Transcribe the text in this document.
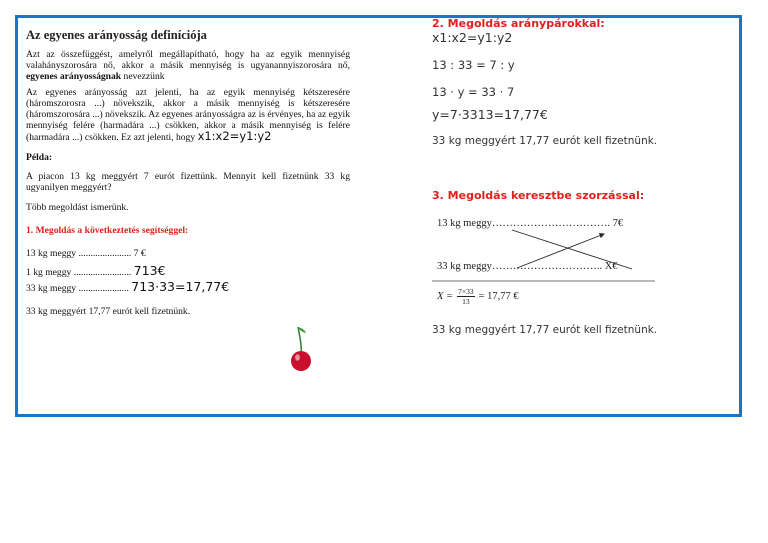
Az egyenes arányosság definíciója

Azt az összefüggést, amelyről megállapítható, hogy ha az egyik mennyiség valahányszorosára nő, akkor a másik mennyiség is ugyanannyiszorosára nő, egyenes arányosságnak nevezzünk

Az egyenes arányosság azt jelenti, ha az egyik mennyiség kétszeresére (háromszorosra ...) növekszik, akkor a másik mennyiség is kétszeresére (háromszorosára ...) növekszik. Az egyenes arányosságra az is érvényes, ha az egyik mennyiség felére (harmadára ...) csökken, akkor a másik mennyiség is felére (harmadára ...) csökken. Ez azt jelenti, hogy x1:x2=y1:y2

Példa:

A piacon 13 kg meggyért 7 eurót fizettünk. Mennyit kell fizetnünk 33 kg ugyanilyen meggyért?

Több megoldást ismerünk.

1. Megoldás a következtetés segítséggel:
13 kg meggy ...................... 7 €
1 kg meggy ........................ 713€
33 kg meggy ..................... 713·33=17,77€

33 kg meggyért 17,77 eurót kell fizetnünk.

2. Megoldás aránypárokkal:
x1:x2=y1:y2
13 : 33 = 7 : y
13 · y = 33 · 7
y=7·3313=17,77€
33 kg meggyért 17,77 eurót kell fizetnünk.
3. Megoldás keresztbe szorzással:
13 kg meggy……………………………. 7€
33 kg meggy………………………….. X€
$X = \frac{7\times 33}{13} = 17,77$ €
33 kg meggyért 17,77 eurót kell fizetnünk.
